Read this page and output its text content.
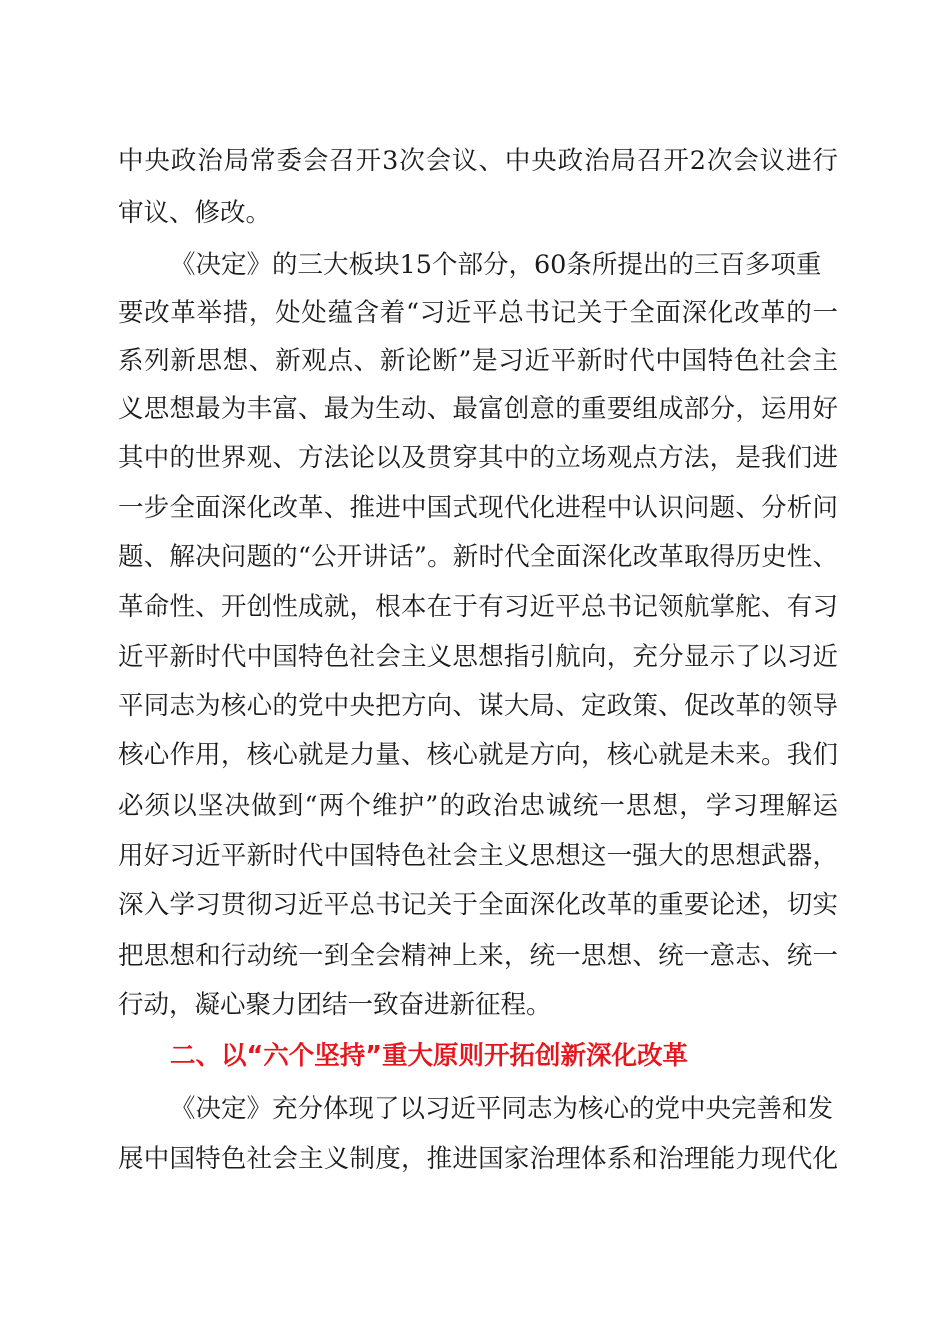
中央政治局常委会召开3次会议、中央政治局召开2次会议进行
审议、修改。
《决定》的三大板块15个部分，60条所提出的三百多项重
要改革举措，处处蕴含着“习近平总书记关于全面深化改革的一
系列新思想、新观点、新论断”是习近平新时代中国特色社会主
义思想最为丰富、最为生动、最富创意的重要组成部分，运用好
其中的世界观、方法论以及贯穿其中的立场观点方法，是我们进
一步全面深化改革、推进中国式现代化进程中认识问题、分析问
题、解决问题的“公开讲话”。新时代全面深化改革取得历史性、
革命性、开创性成就，根本在于有习近平总书记领航掌舵、有习
近平新时代中国特色社会主义思想指引航向，充分显示了以习近
平同志为核心的党中央把方向、谋大局、定政策、促改革的领导
核心作用，核心就是力量、核心就是方向，核心就是未来。我们
必须以坚决做到“两个维护”的政治忠诚统一思想，学习理解运
用好习近平新时代中国特色社会主义思想这一强大的思想武器，
深入学习贯彻习近平总书记关于全面深化改革的重要论述，切实
把思想和行动统一到全会精神上来，统一思想、统一意志、统一
行动，凝心聚力团结一致奋进新征程。
二、以“六个坚持”重大原则开拓创新深化改革
《决定》充分体现了以习近平同志为核心的党中央完善和发
展中国特色社会主义制度，推进国家治理体系和治理能力现代化
